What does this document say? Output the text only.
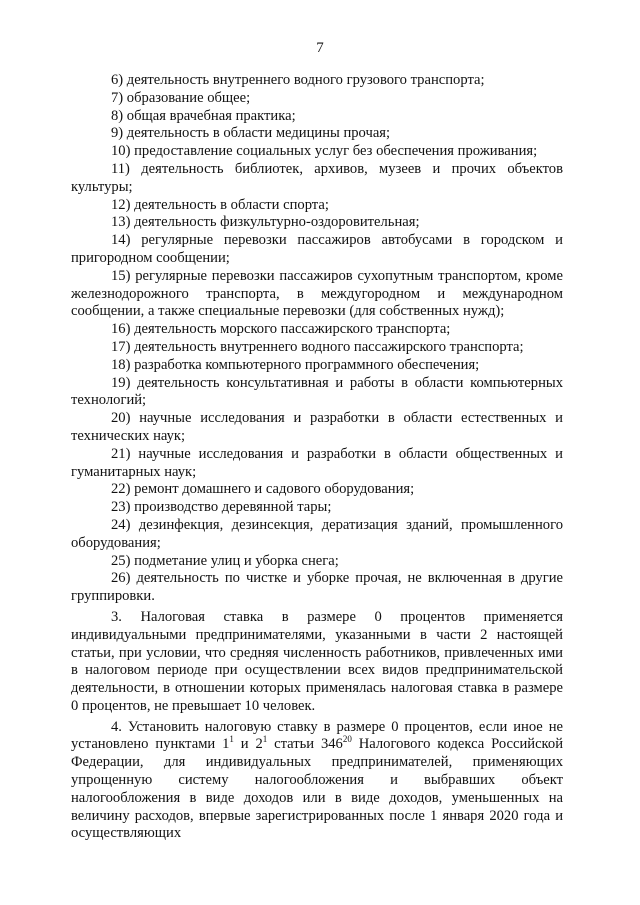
7

6) деятельность внутреннего водного грузового транспорта;

7) образование общее;

8) общая врачебная практика;

9) деятельность в области медицины прочая;

10) предоставление социальных услуг без обеспечения проживания;

11) деятельность библиотек, архивов, музеев и прочих объектов культуры;

12) деятельность в области спорта;

13) деятельность физкультурно-оздоровительная;

14) регулярные перевозки пассажиров автобусами в городском и пригородном сообщении;

15) регулярные перевозки пассажиров сухопутным транспортом, кроме железнодорожного транспорта, в междугородном и международном сообщении, а также специальные перевозки (для собственных нужд);

16) деятельность морского пассажирского транспорта;

17) деятельность внутреннего водного пассажирского транспорта;

18) разработка компьютерного программного обеспечения;

19) деятельность консультативная и работы в области компьютерных технологий;

20) научные исследования и разработки в области естественных и технических наук;

21) научные исследования и разработки в области общественных и гуманитарных наук;

22) ремонт домашнего и садового оборудования;

23) производство деревянной тары;

24) дезинфекция, дезинсекция, дератизация зданий, промышленного оборудования;

25) подметание улиц и уборка снега;

26) деятельность по чистке и уборке прочая, не включенная в другие группировки.

3. Налоговая ставка в размере 0 процентов применяется индивидуальными предпринимателями, указанными в части 2 настоящей статьи, при условии, что средняя численность работников, привлеченных ими в налоговом периоде при осуществлении всех видов предпринимательской деятельности, в отношении которых применялась налоговая ставка в размере 0 процентов, не превышает 10 человек.

4. Установить налоговую ставку в размере 0 процентов, если иное не установлено пунктами $1^1$ и $2^1$ статьи $346^{20}$ Налогового кодекса Российской Федерации, для индивидуальных предпринимателей, применяющих упрощенную систему налогообложения и выбравших объект налогообложения в виде доходов или в виде доходов, уменьшенных на величину расходов, впервые зарегистрированных после 1 января 2020 года и осуществляющих
